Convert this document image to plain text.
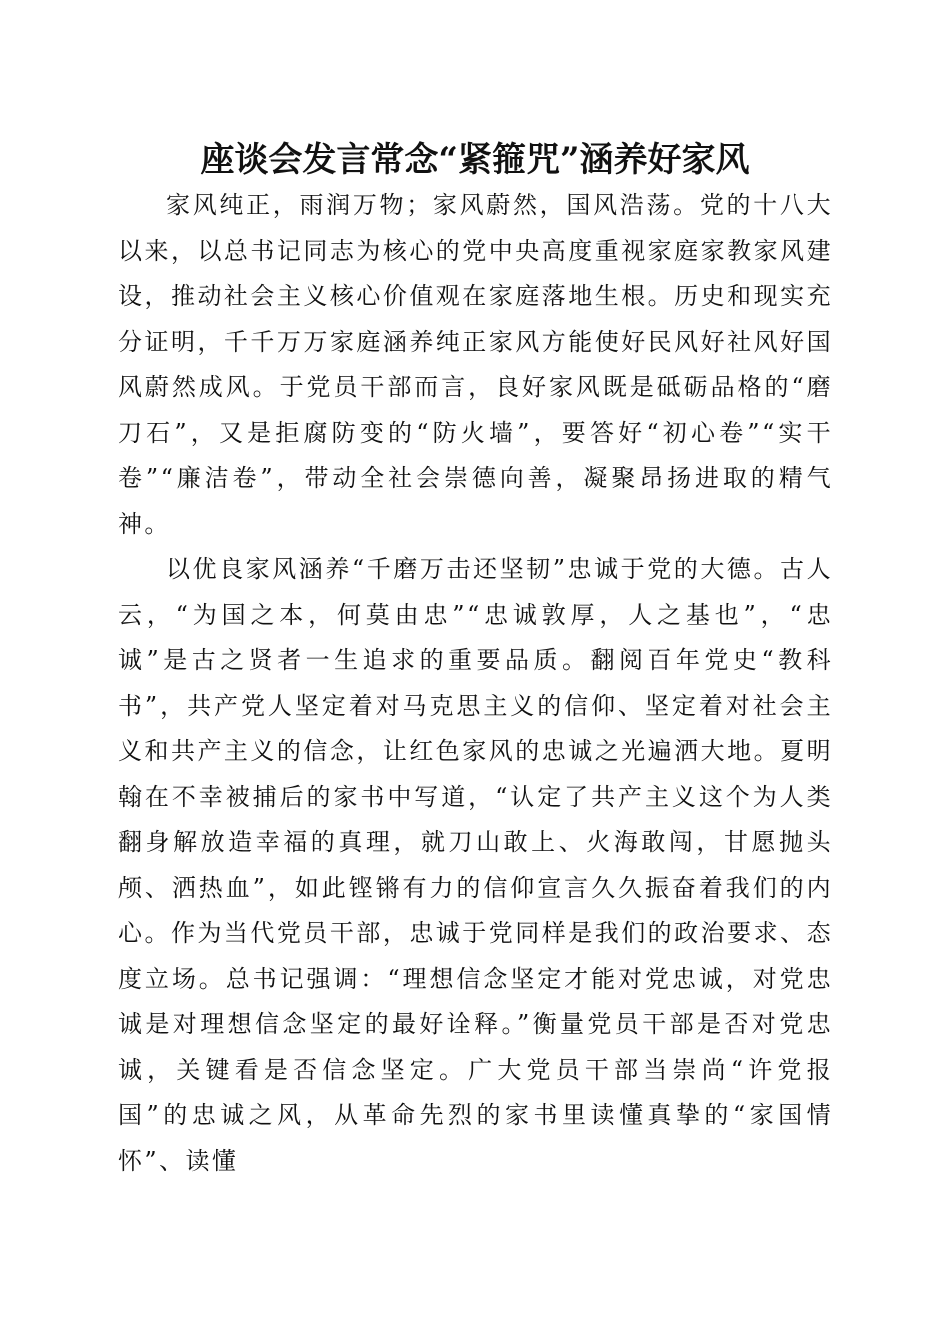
座谈会发言常念“紧箍咒”涵养好家风

家风纯正，雨润万物；家风蔚然，国风浩荡。党的十八大以来，以总书记同志为核心的党中央高度重视家庭家教家风建设，推动社会主义核心价值观在家庭落地生根。历史和现实充分证明，千千万万家庭涵养纯正家风方能使好民风好社风好国风蔚然成风。于党员干部而言，良好家风既是砥砺品格的“磨刀石”，又是拒腐防变的“防火墙”，要答好“初心卷”“实干卷”“廉洁卷”，带动全社会崇德向善，凝聚昂扬进取的精气神。

以优良家风涵养“千磨万击还坚韧”忠诚于党的大德。古人云，“为国之本，何莫由忠”“忠诚敦厚，人之基也”，“忠诚”是古之贤者一生追求的重要品质。翻阅百年党史“教科书”，共产党人坚定着对马克思主义的信仰、坚定着对社会主义和共产主义的信念，让红色家风的忠诚之光遍洒大地。夏明翰在不幸被捕后的家书中写道，“认定了共产主义这个为人类翻身解放造幸福的真理，就刀山敢上、火海敢闯，甘愿抛头颅、洒热血”，如此铿锵有力的信仰宣言久久振奋着我们的内心。作为当代党员干部，忠诚于党同样是我们的政治要求、态度立场。总书记强调：“理想信念坚定才能对党忠诚，对党忠诚是对理想信念坚定的最好诠释。”衡量党员干部是否对党忠诚，关键看是否信念坚定。广大党员干部当崇尚“许党报国”的忠诚之风，从革命先烈的家书里读懂真挚的“家国情怀”、读懂
